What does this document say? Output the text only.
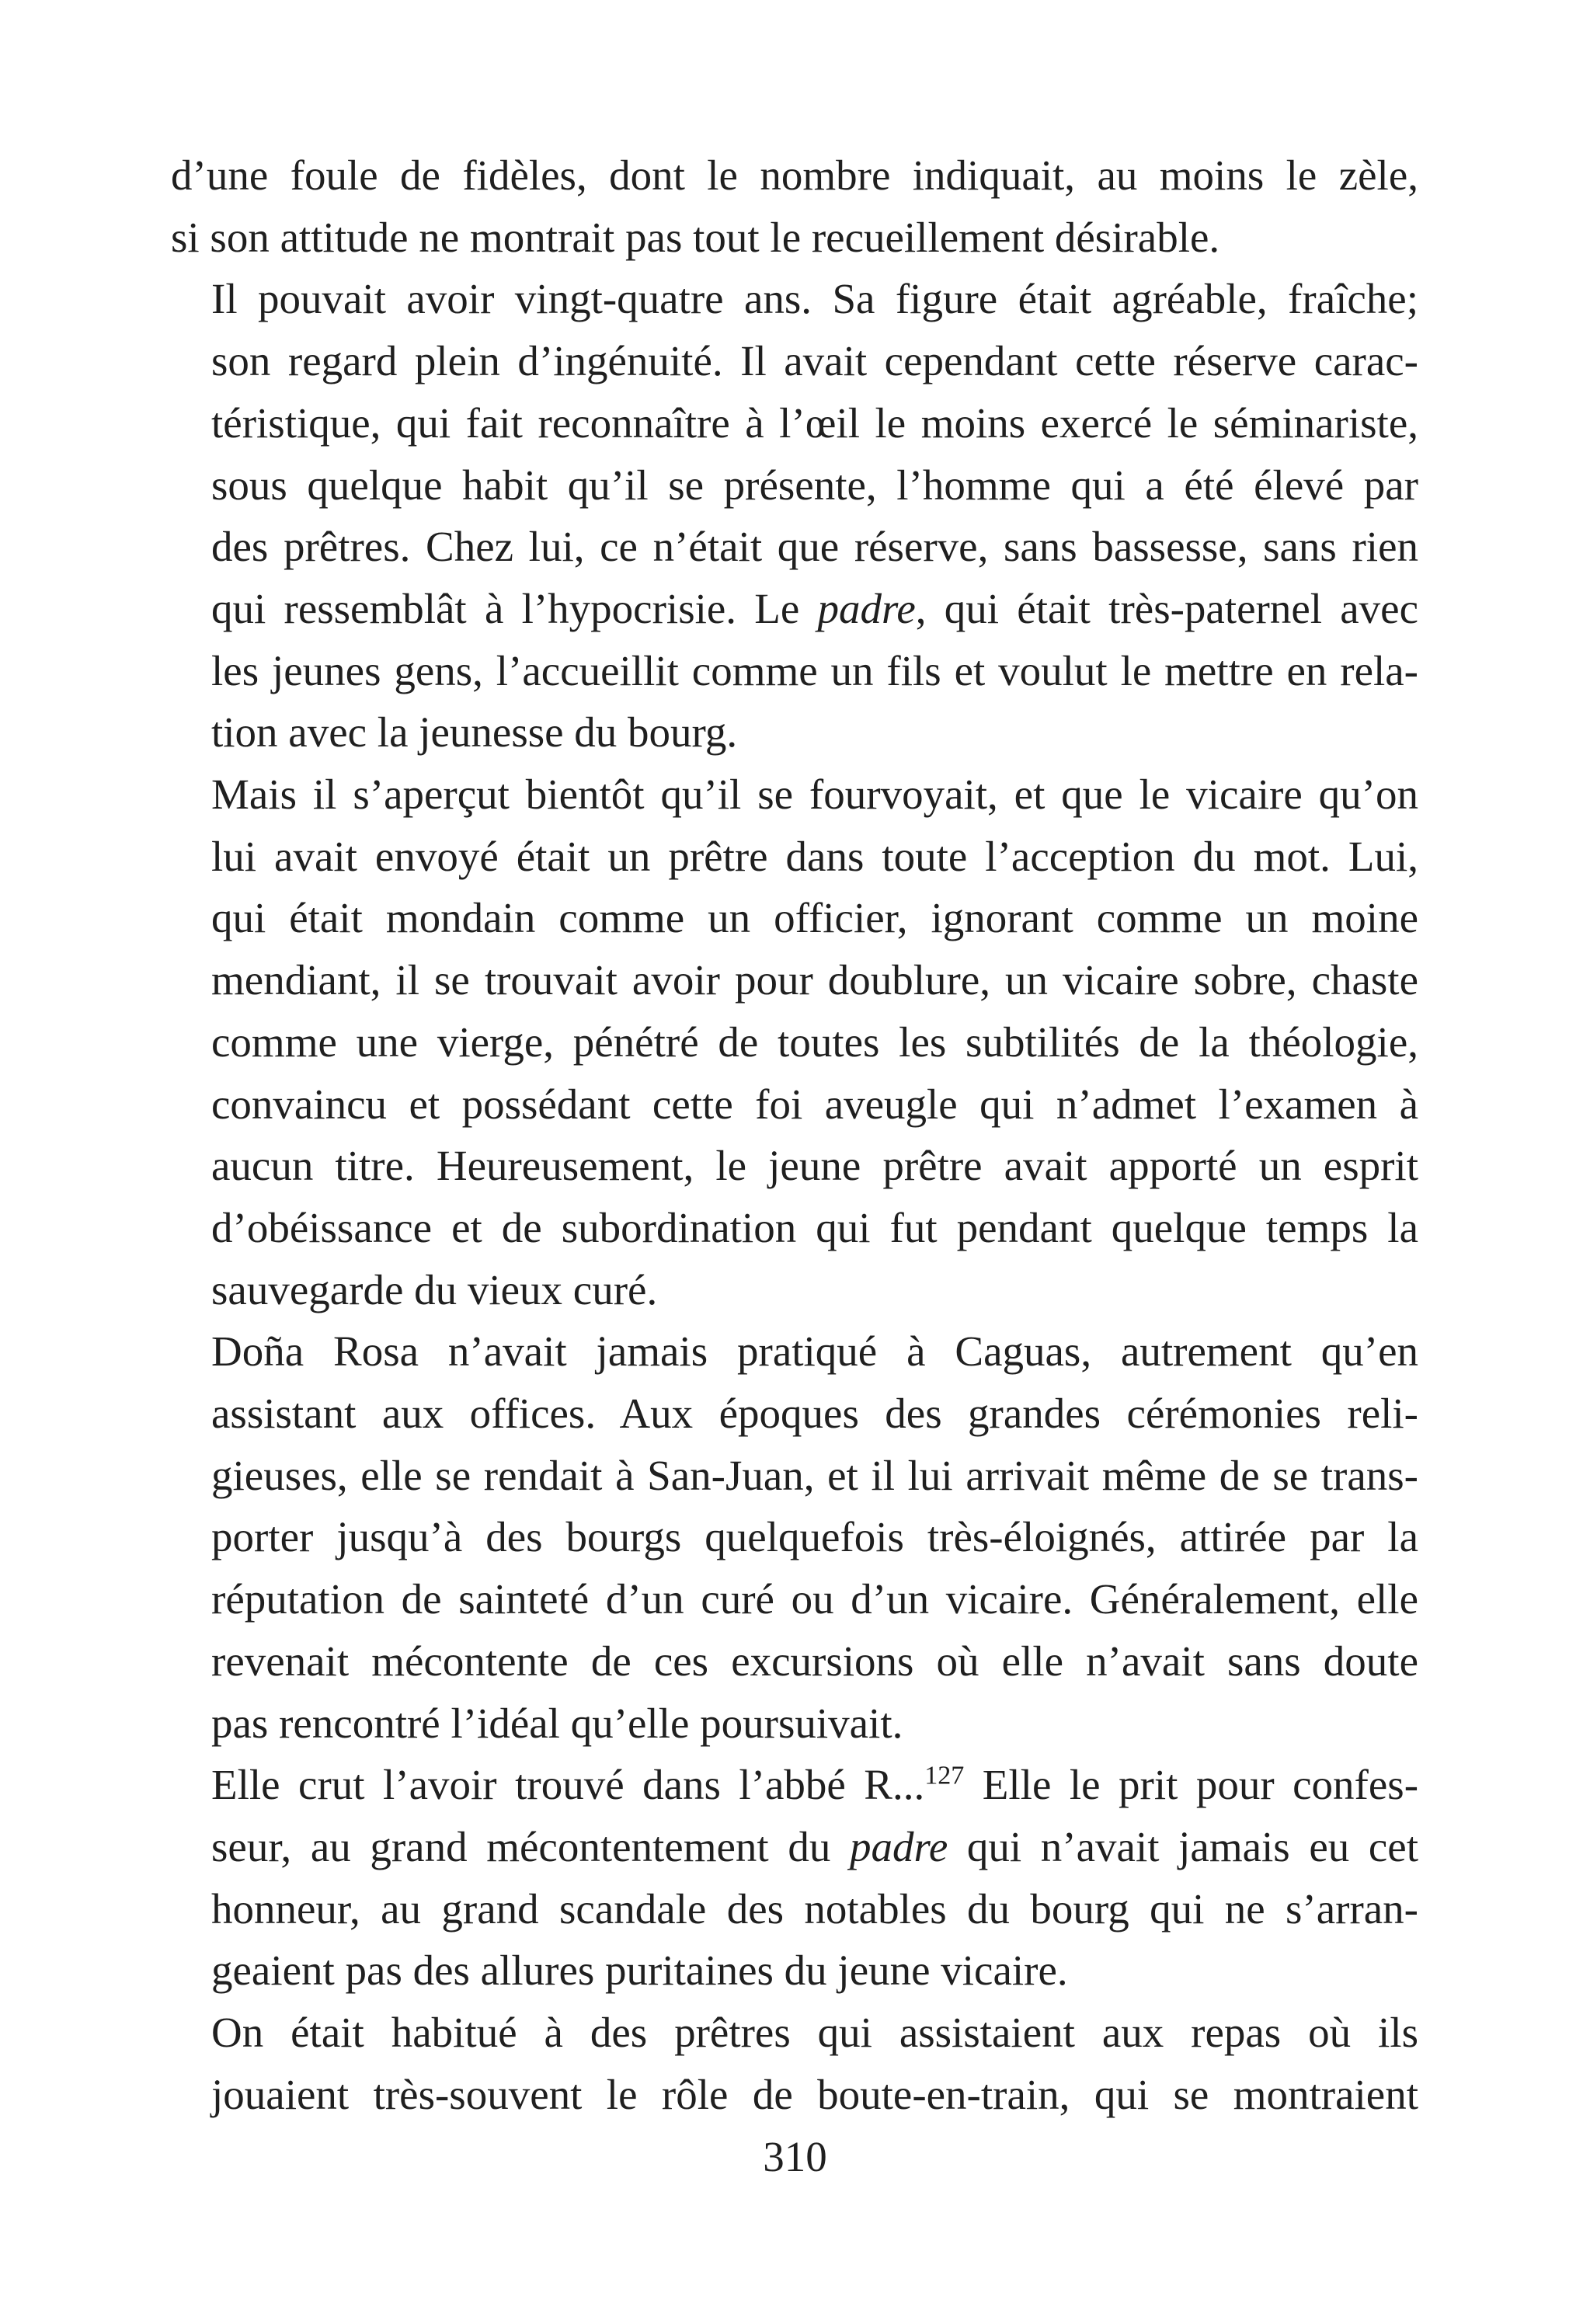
d’une foule de fidèles, dont le nombre indiquait, au moins le zèle,
si son attitude ne montrait pas tout le recueillement désirable.
Il pouvait avoir vingt-quatre ans. Sa figure était agréable, fraîche;
son regard plein d’ingénuité. Il avait cependant cette réserve carac-
téristique, qui fait reconnaître à l’œil le moins exercé le séminariste,
sous quelque habit qu’il se présente, l’homme qui a été élevé par
des prêtres. Chez lui, ce n’était que réserve, sans bassesse, sans rien
qui ressemblât à l’hypocrisie. Le padre, qui était très-paternel avec
les jeunes gens, l’accueillit comme un fils et voulut le mettre en rela-
tion avec la jeunesse du bourg.
Mais il s’aperçut bientôt qu’il se fourvoyait, et que le vicaire qu’on
lui avait envoyé était un prêtre dans toute l’acception du mot. Lui,
qui était mondain comme un officier, ignorant comme un moine
mendiant, il se trouvait avoir pour doublure, un vicaire sobre, chaste
comme une vierge, pénétré de toutes les subtilités de la théologie,
convaincu et possédant cette foi aveugle qui n’admet l’examen à
aucun titre. Heureusement, le jeune prêtre avait apporté un esprit
d’obéissance et de subordination qui fut pendant quelque temps la
sauvegarde du vieux curé.
Doña Rosa n’avait jamais pratiqué à Caguas, autrement qu’en
assistant aux offices. Aux époques des grandes cérémonies reli-
gieuses, elle se rendait à San-Juan, et il lui arrivait même de se trans-
porter jusqu’à des bourgs quelquefois très-éloignés, attirée par la
réputation de sainteté d’un curé ou d’un vicaire. Généralement, elle
revenait mécontente de ces excursions où elle n’avait sans doute
pas rencontré l’idéal qu’elle poursuivait.
Elle crut l’avoir trouvé dans l’abbé R...$^{127}$ Elle le prit pour confes-
seur, au grand mécontentement du padre qui n’avait jamais eu cet
honneur, au grand scandale des notables du bourg qui ne s’arran-
geaient pas des allures puritaines du jeune vicaire.
On était habitué à des prêtres qui assistaient aux repas où ils
jouaient très-souvent le rôle de boute-en-train, qui se montraient
310
